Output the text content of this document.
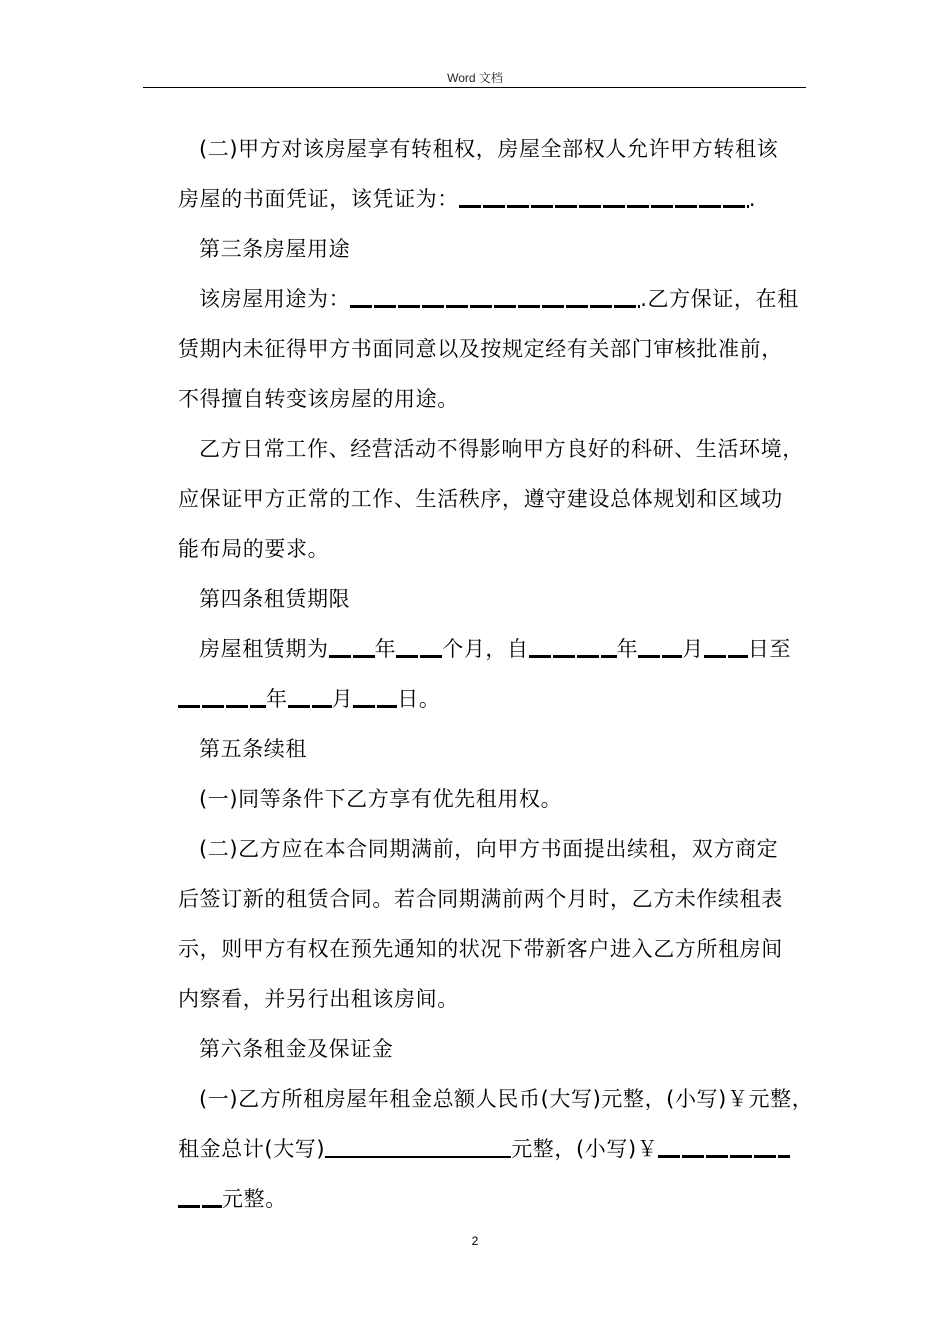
Word 文档

(二)甲方对该房屋享有转租权，房屋全部权人允许甲方转租该

房屋的书面凭证，该凭证为：	.

第三条房屋用途

该房屋用途为：	.乙方保证，在租

赁期内未征得甲方书面同意以及按规定经有关部门审核批准前，

不得擅自转变该房屋的用途。

乙方日常工作、经营活动不得影响甲方良好的科研、生活环境，

应保证甲方正常的工作、生活秩序，遵守建设总体规划和区域功

能布局的要求。

第四条租赁期限

房屋租赁期为 年 个月，自	年 月 日至

年 月 日。

第五条续租

(一)同等条件下乙方享有优先租用权。

(二)乙方应在本合同期满前，向甲方书面提出续租，双方商定

后签订新的租赁合同。若合同期满前两个月时，乙方未作续租表

示，则甲方有权在预先通知的状况下带新客户进入乙方所租房间

内察看，并另行出租该房间。

第六条租金及保证金

(一)乙方所租房屋年租金总额人民币(大写)元整，(小写)￥元整，

租金总计(大写)	元整，(小写)￥

元整。

2
